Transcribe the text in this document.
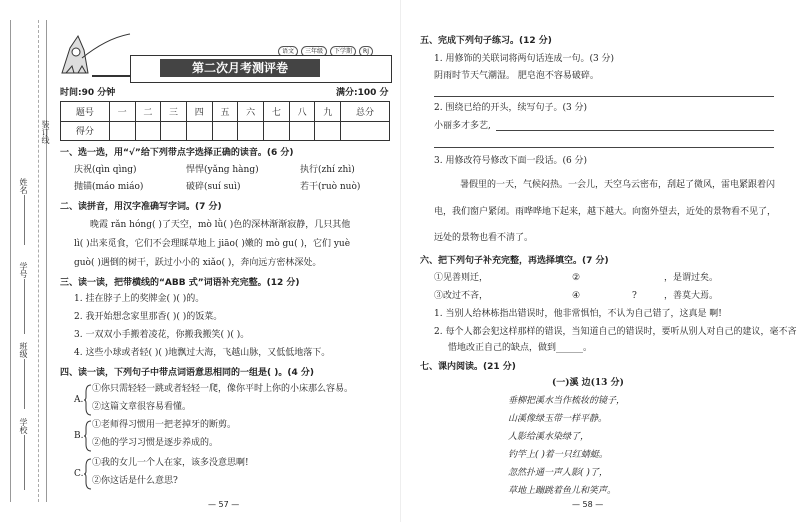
装订线
姓名
学号
班级
学校
语文 三年级 下学期 RJ
第二次月考测评卷
时间:90 分钟	满分:100 分
题号	一	二	三	四	五	六	七	八	九	总分
得分										
一、选一选，用“√”给下列带点字选择正确的读音。(6 分)
庆祝(qìn qìng)	悍悍(yǎng hàng)	执行(zhí zhì)
抛锚(máo miáo)	破碎(suí suì)	若干(ruò nuò)
二、读拼音，用汉字准确写字词。(7 分)
晚霞 rǎn hóng( )了天空，mò lǜ( )色的深林渐渐寂静，几只其他
lì( )出来觅食，它们不会理睬草地上 jiāo( )嫩的 mò gu( )，它们 yuè
guò( )遇倒的树干，跃过小小的 xiǎo( )，奔向远方密林深处。
三、读一读，把带横线的“ABB 式”词语补充完整。(12 分)
1. 挂在脖子上的奖牌金( )( )的。
2. 我开始想念家里那香( )( )的饭菜。
3. 一双双小手搬着凌花，你搬我搬笑( )( )。
4. 这些小球或者轻( )( )地飘过大海，飞越山脉，又低低地落下。
四、读一读，下列句子中带点词语意思相同的一组是( )。(4 分)
A.
①你只需轻轻一跳或者轻轻一爬，像你平时上你的小床那么容易。
②这篇文章很容易看懂。
B.
①老师得习惯用一把老掉牙的断剪。
②他的学习习惯是逐步养成的。
C.
①我的女儿一个人在家，该多没意思啊!
②你这话是什么意思?
— 57 —
五、完成下列句子练习。(12 分)
1. 用修饰的关联词将两句话连成一句。(3 分)
阴雨时节天气潮湿。 肥皂泡不容易破碎。
2. 围绕已给的开头，续写句子。(3 分)
小丽多才多艺,
3. 用修改符号修改下面一段话。(6 分)
暑假里的一天，气候闷热。一会儿，天空乌云密布，刮起了微风，雷电紧跟着闪
电，我们窗户紧闭。雨哗哗地下起来，越下越大。向窗外望去，近处的景物看不见了，
远处的景物也看不清了。
六、把下列句子补充完整，再选择填空。(7 分)
①见善则迁，	②	，是谓过矣。
③改过不吝，	④	?	，善莫大焉。
1. 当别人给林栋指出错误时，他非常惧怕，不认为自己错了，这真是 啊!
2. 每个人都会犯这样那样的错误，当知道自己的错误时，要听从别人对自己的建议，毫不吝
惜地改正自己的缺点，做到______。
七、课内阅读。(21 分)
(一)溪 边(13 分)
垂柳把溪水当作梳妆的镜子，
山溪像绿玉带一样平静。
人影给溪水染绿了，
钓竿上( )着一只红蜻蜓。
忽然扑通一声人影( )了，
草地上蹦跳着鱼儿和笑声。
— 58 —
